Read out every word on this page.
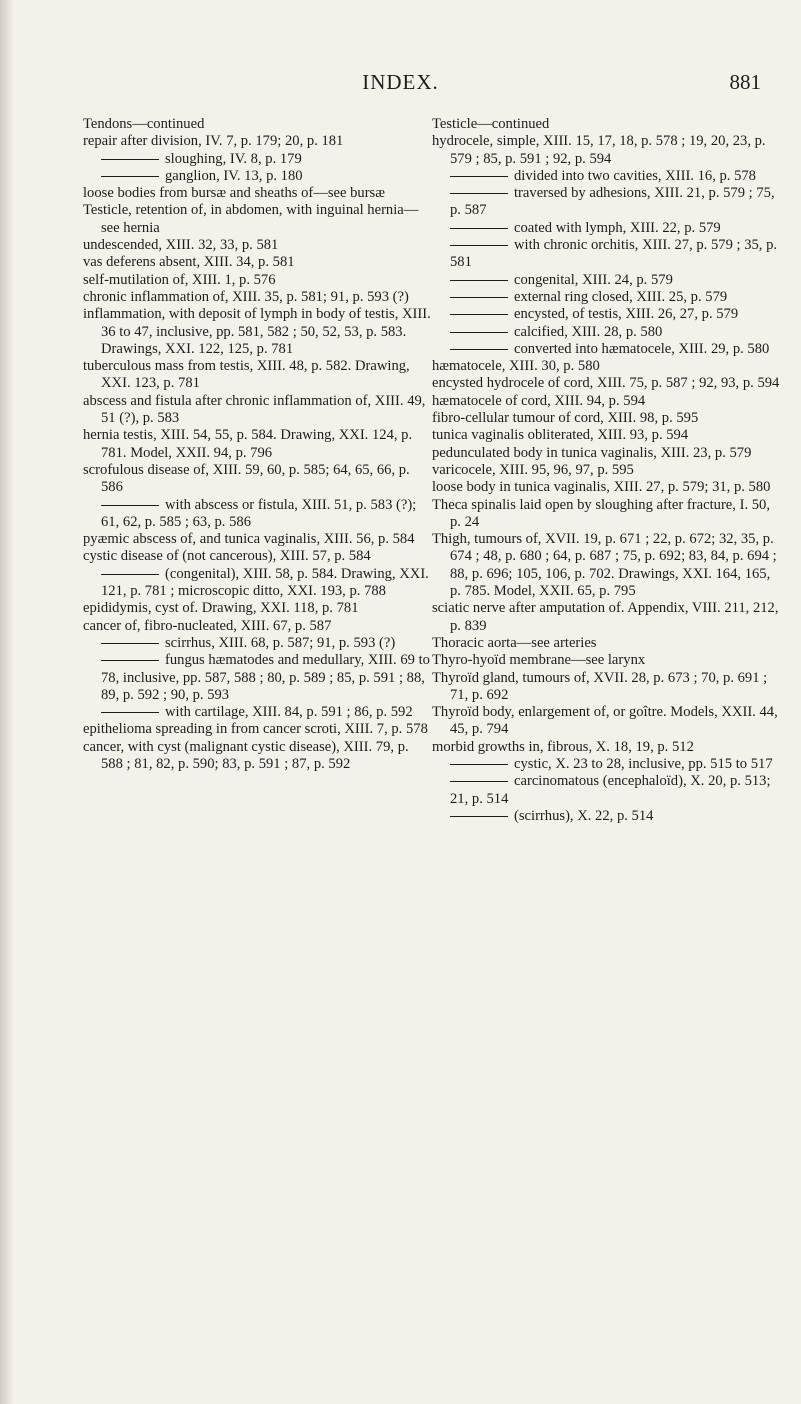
INDEX.	881

Tendons—continued

repair after division, IV. 7, p. 179; 20, p. 181

sloughing, IV. 8, p. 179

ganglion, IV. 13, p. 180

loose bodies from bursæ and sheaths of—see bursæ

Testicle, retention of, in abdomen, with inguinal hernia—see hernia

undescended, XIII. 32, 33, p. 581

vas deferens absent, XIII. 34, p. 581

self-mutilation of, XIII. 1, p. 576

chronic inflammation of, XIII. 35, p. 581; 91, p. 593 (?)

inflammation, with deposit of lymph in body of testis, XIII. 36 to 47, inclusive, pp. 581, 582 ; 50, 52, 53, p. 583. Drawings, XXI. 122, 125, p. 781

tuberculous mass from testis, XIII. 48, p. 582. Drawing, XXI. 123, p. 781

abscess and fistula after chronic inflammation of, XIII. 49, 51 (?), p. 583

hernia testis, XIII. 54, 55, p. 584. Drawing, XXI. 124, p. 781. Model, XXII. 94, p. 796

scrofulous disease of, XIII. 59, 60, p. 585; 64, 65, 66, p. 586

with abscess or fistula, XIII. 51, p. 583 (?); 61, 62, p. 585 ; 63, p. 586

pyæmic abscess of, and tunica vaginalis, XIII. 56, p. 584

cystic disease of (not cancerous), XIII. 57, p. 584

(congenital), XIII. 58, p. 584. Drawing, XXI. 121, p. 781 ; microscopic ditto, XXI. 193, p. 788

epididymis, cyst of. Drawing, XXI. 118, p. 781

cancer of, fibro-nucleated, XIII. 67, p. 587

scirrhus, XIII. 68, p. 587; 91, p. 593 (?)

fungus hæmatodes and medullary, XIII. 69 to 78, inclusive, pp. 587, 588 ; 80, p. 589 ; 85, p. 591 ; 88, 89, p. 592 ; 90, p. 593

with cartilage, XIII. 84, p. 591 ; 86, p. 592

epithelioma spreading in from cancer scroti, XIII. 7, p. 578

cancer, with cyst (malignant cystic disease), XIII. 79, p. 588 ; 81, 82, p. 590; 83, p. 591 ; 87, p. 592

Testicle—continued

hydrocele, simple, XIII. 15, 17, 18, p. 578 ; 19, 20, 23, p. 579 ; 85, p. 591 ; 92, p. 594

divided into two cavities, XIII. 16, p. 578

traversed by adhesions, XIII. 21, p. 579 ; 75, p. 587

coated with lymph, XIII. 22, p. 579

with chronic orchitis, XIII. 27, p. 579 ; 35, p. 581

congenital, XIII. 24, p. 579

external ring closed, XIII. 25, p. 579

encysted, of testis, XIII. 26, 27, p. 579

calcified, XIII. 28, p. 580

converted into hæmatocele, XIII. 29, p. 580

hæmatocele, XIII. 30, p. 580

encysted hydrocele of cord, XIII. 75, p. 587 ; 92, 93, p. 594

hæmatocele of cord, XIII. 94, p. 594

fibro-cellular tumour of cord, XIII. 98, p. 595

tunica vaginalis obliterated, XIII. 93, p. 594

pedunculated body in tunica vaginalis, XIII. 23, p. 579

varicocele, XIII. 95, 96, 97, p. 595

loose body in tunica vaginalis, XIII. 27, p. 579; 31, p. 580

Theca spinalis laid open by sloughing after fracture, I. 50, p. 24

Thigh, tumours of, XVII. 19, p. 671 ; 22, p. 672; 32, 35, p. 674 ; 48, p. 680 ; 64, p. 687 ; 75, p. 692; 83, 84, p. 694 ; 88, p. 696; 105, 106, p. 702. Drawings, XXI. 164, 165, p. 785. Model, XXII. 65, p. 795

sciatic nerve after amputation of. Appendix, VIII. 211, 212, p. 839

Thoracic aorta—see arteries

Thyro-hyoïd membrane—see larynx

Thyroïd gland, tumours of, XVII. 28, p. 673 ; 70, p. 691 ; 71, p. 692

Thyroïd body, enlargement of, or goître. Models, XXII. 44, 45, p. 794

morbid growths in, fibrous, X. 18, 19, p. 512

cystic, X. 23 to 28, inclusive, pp. 515 to 517

carcinomatous (encephaloïd), X. 20, p. 513; 21, p. 514

(scirrhus), X. 22, p. 514
